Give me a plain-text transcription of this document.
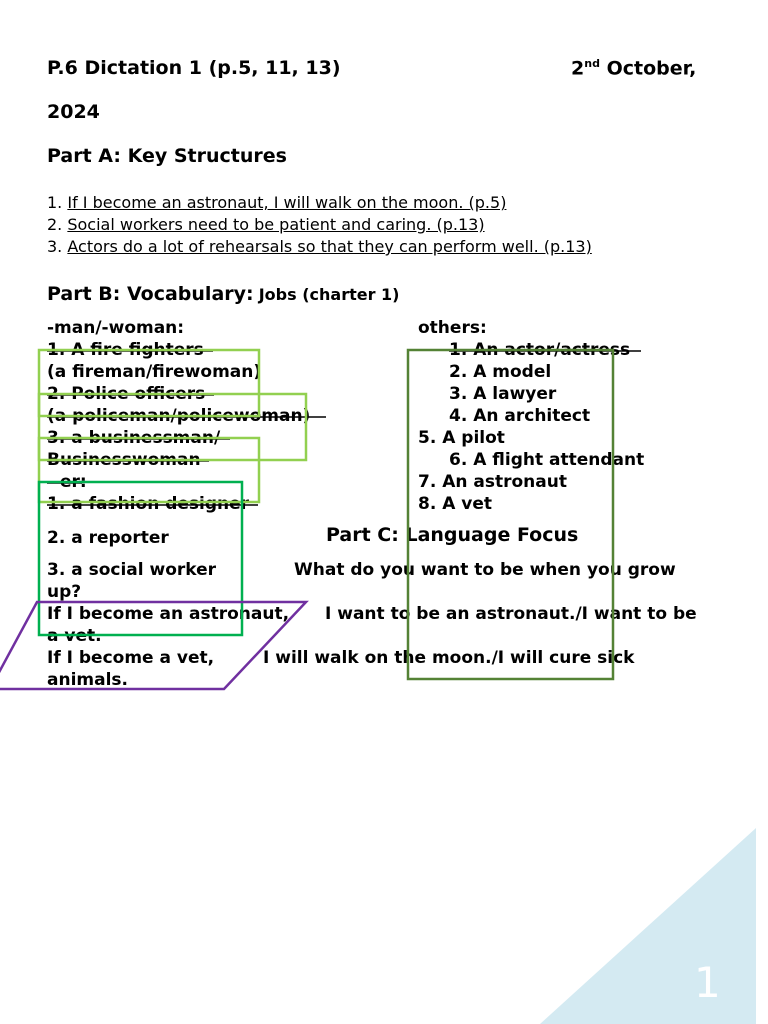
P.6 Dictation 1 (p.5, 11, 13)	2nd October,
2024
Part A: Key Structures
1. If I become an astronaut, I will walk on the moon. (p.5)
2. Social workers need to be patient and caring. (p.13)
3. Actors do a lot of rehearsals so that they can perform well. (p.13)
Part B: Vocabulary: Jobs (charter 1)
-man/-woman:
1. A fire fighters
(a fireman/firewoman)
2. Police officers
(a policeman/policewoman)
3. a businessman/
Businesswoman
-er:
1. a fashion designer
2. a reporter
3. a social worker
others:
1. An actor/actress
2. A model
3. A lawyer
4. An architect
5. A pilot
6. A flight attendant
7. An astronaut
8. A vet
Part C: Language Focus
What do you want to be when you grow
up?
If I become an astronaut, I want to be an astronaut./I want to be
a vet.
If I become a vet,	I will walk on the moon./I will cure sick
animals.
1
